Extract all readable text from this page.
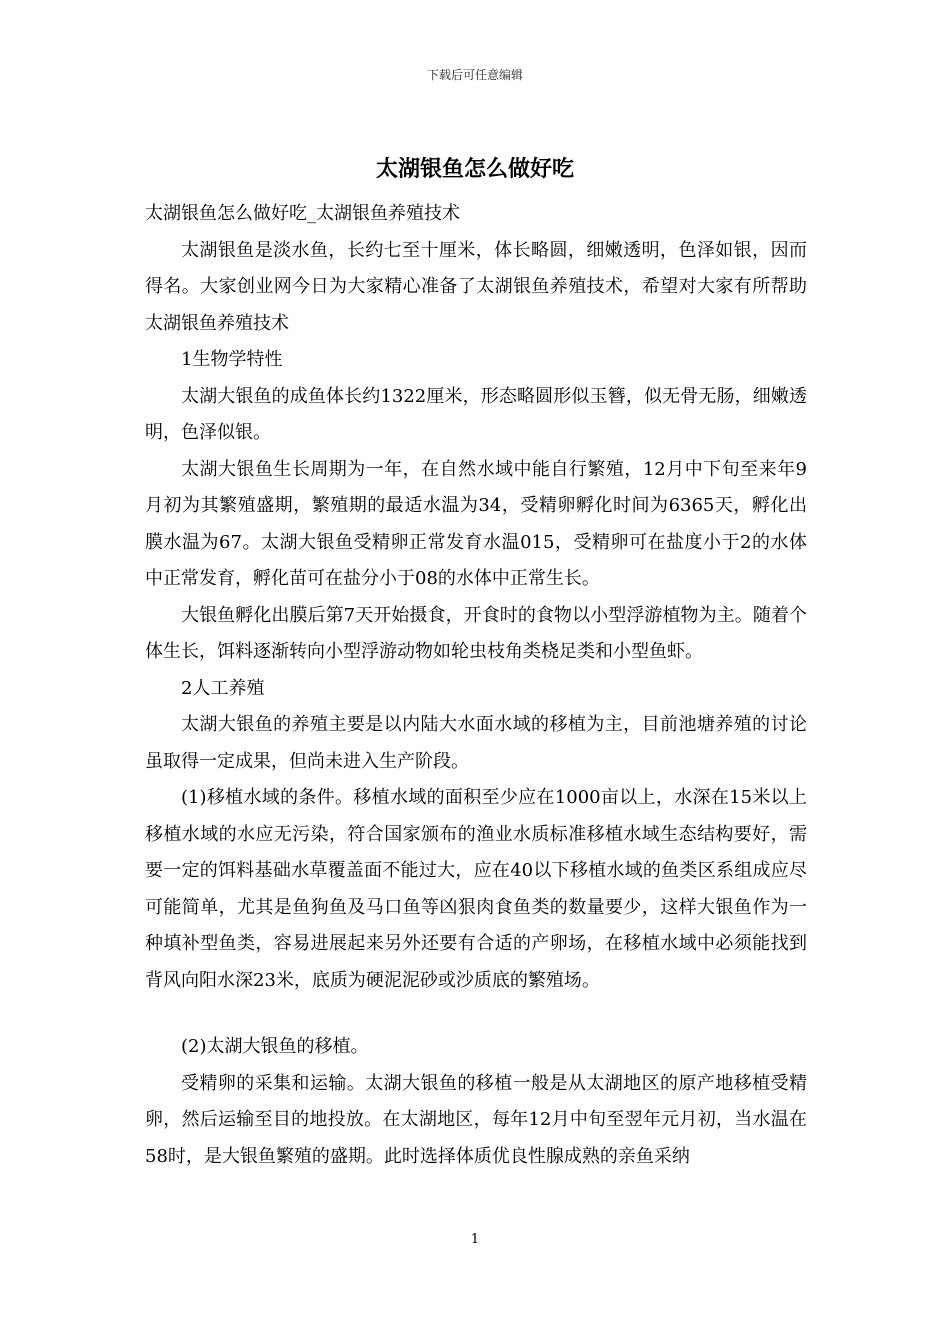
下载后可任意编辑
太湖银鱼怎么做好吃

太湖银鱼怎么做好吃_太湖银鱼养殖技术

太湖银鱼是淡水鱼，长约七至十厘米，体长略圆，细嫩透明，色泽如银，因而得名。大家创业网今日为大家精心准备了太湖银鱼养殖技术，希望对大家有所帮助太湖银鱼养殖技术

1生物学特性

太湖大银鱼的成鱼体长约1322厘米，形态略圆形似玉簪，似无骨无肠，细嫩透明，色泽似银。

太湖大银鱼生长周期为一年，在自然水域中能自行繁殖，12月中下旬至来年9月初为其繁殖盛期，繁殖期的最适水温为34，受精卵孵化时间为6365天，孵化出膜水温为67。太湖大银鱼受精卵正常发育水温015，受精卵可在盐度小于2的水体中正常发育，孵化苗可在盐分小于08的水体中正常生长。

大银鱼孵化出膜后第7天开始摄食，开食时的食物以小型浮游植物为主。随着个体生长，饵料逐渐转向小型浮游动物如轮虫枝角类桡足类和小型鱼虾。

2人工养殖

太湖大银鱼的养殖主要是以内陆大水面水域的移植为主，目前池塘养殖的讨论虽取得一定成果，但尚未进入生产阶段。

(1)移植水域的条件。移植水域的面积至少应在1000亩以上，水深在15米以上移植水域的水应无污染，符合国家颁布的渔业水质标准移植水域生态结构要好，需要一定的饵料基础水草覆盖面不能过大，应在40以下移植水域的鱼类区系组成应尽可能简单，尤其是鱼狗鱼及马口鱼等凶狠肉食鱼类的数量要少，这样大银鱼作为一种填补型鱼类，容易进展起来另外还要有合适的产卵场，在移植水域中必须能找到背风向阳水深23米，底质为硬泥泥砂或沙质底的繁殖场。

(2)太湖大银鱼的移植。

受精卵的采集和运输。太湖大银鱼的移植一般是从太湖地区的原产地移植受精卵，然后运输至目的地投放。在太湖地区，每年12月中旬至翌年元月初，当水温在58时，是大银鱼繁殖的盛期。此时选择体质优良性腺成熟的亲鱼采纳

1
